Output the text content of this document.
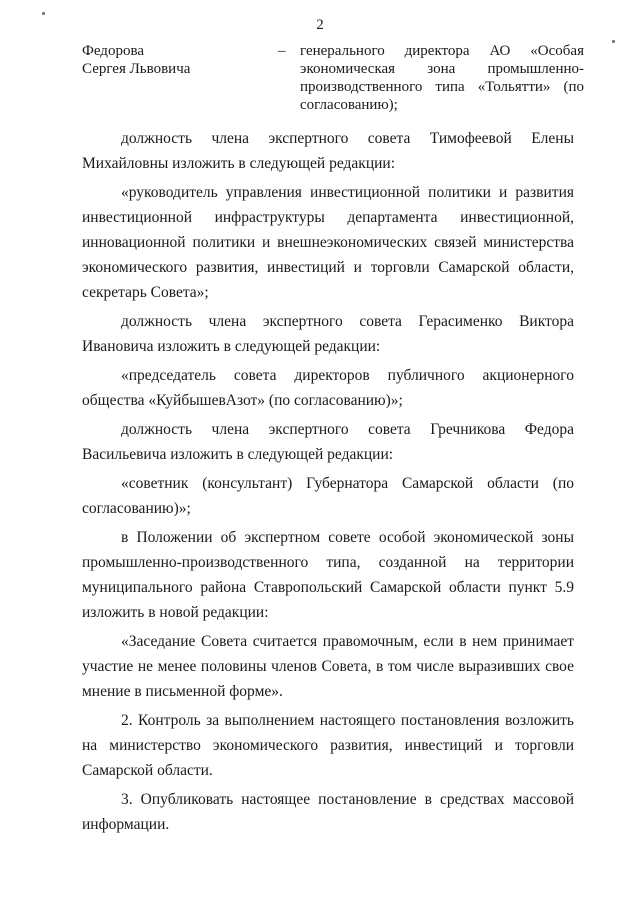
2
Федорова
Сергея Львовича
– генерального директора АО «Особая экономическая зона промышленно-производственного типа «Тольятти» (по согласованию);

должность члена экспертного совета Тимофеевой Елены Михайловны изложить в следующей редакции:

«руководитель управления инвестиционной политики и развития инвестиционной инфраструктуры департамента инвестиционной, инновационной политики и внешнеэкономических связей министерства экономического развития, инвестиций и торговли Самарской области, секретарь Совета»;

должность члена экспертного совета Герасименко Виктора Ивановича изложить в следующей редакции:

«председатель совета директоров публичного акционерного общества «КуйбышевАзот» (по согласованию)»;

должность члена экспертного совета Гречникова Федора Васильевича изложить в следующей редакции:

«советник (консультант) Губернатора Самарской области (по согласованию)»;

в Положении об экспертном совете особой экономической зоны промышленно-производственного типа, созданной на территории муниципального района Ставропольский Самарской области пункт 5.9 изложить в новой редакции:

«Заседание Совета считается правомочным, если в нем принимает участие не менее половины членов Совета, в том числе выразивших свое мнение в письменной форме».

2. Контроль за выполнением настоящего постановления возложить на министерство экономического развития, инвестиций и торговли Самарской области.

3. Опубликовать настоящее постановление в средствах массовой информации.
